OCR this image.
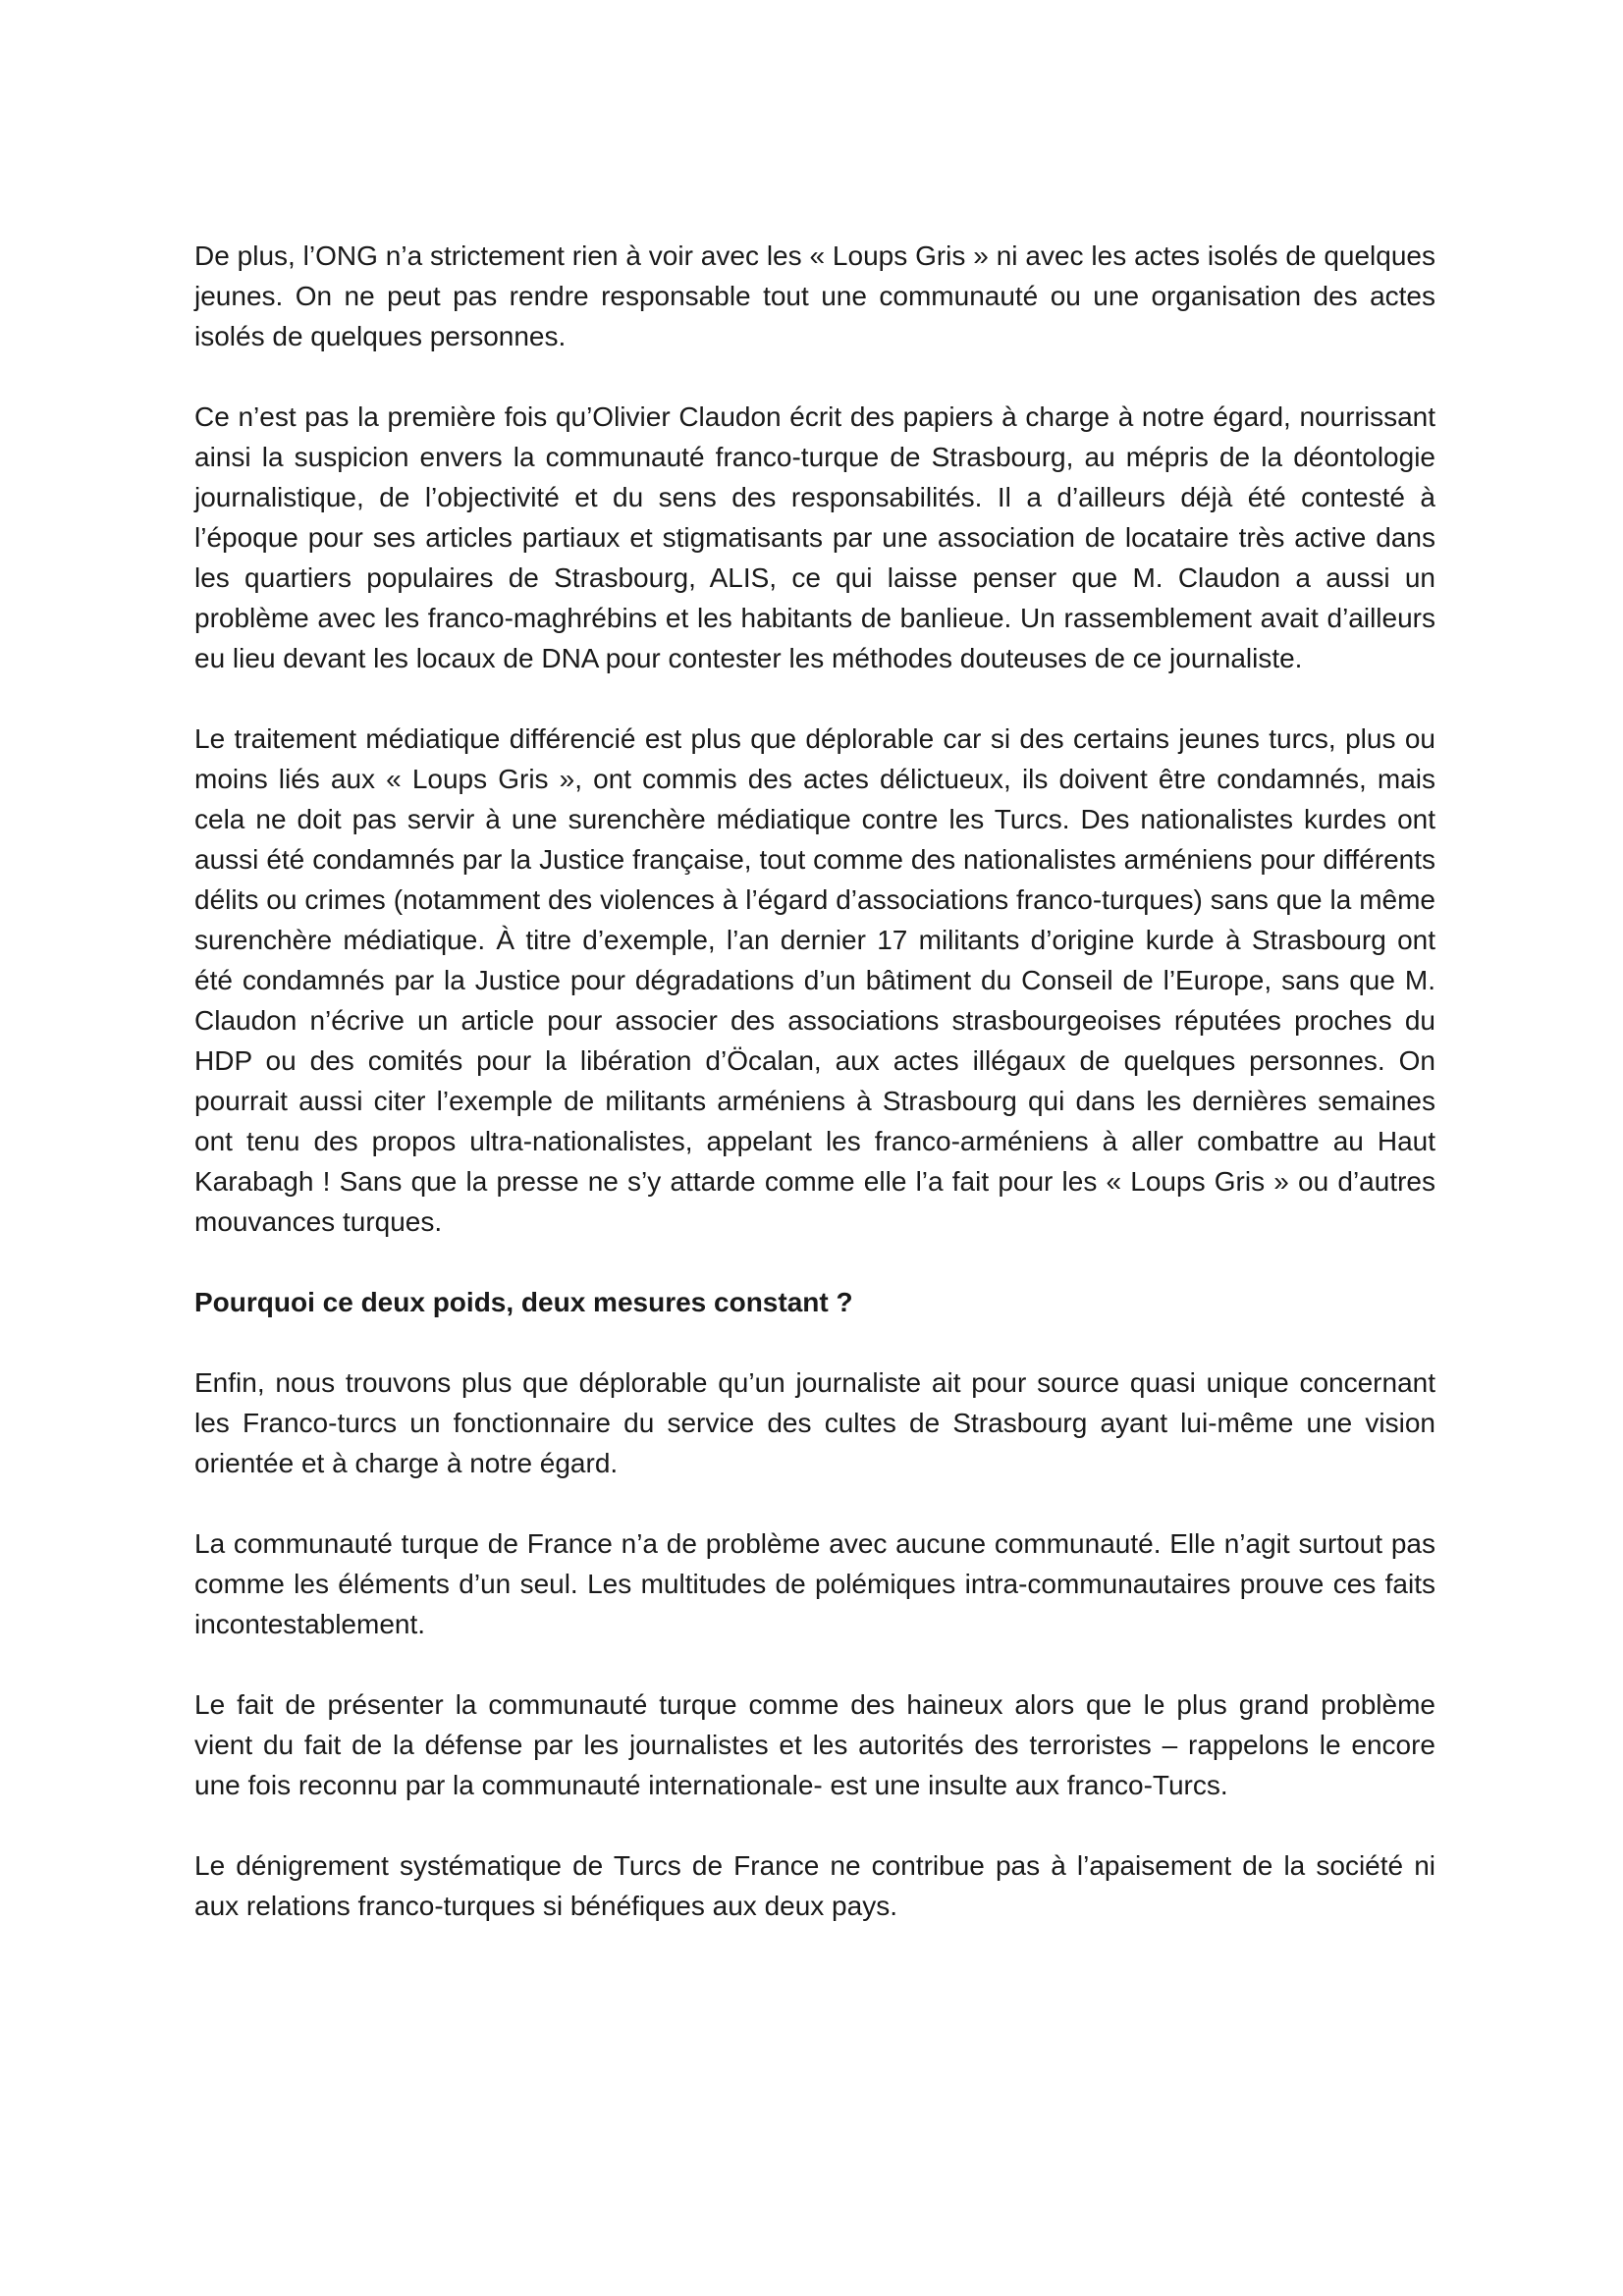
De plus, l’ONG n’a strictement rien à voir avec les « Loups Gris » ni avec les actes isolés de quelques jeunes. On ne peut pas rendre responsable tout une communauté ou une organisation des actes isolés de quelques personnes.

Ce n’est pas la première fois qu’Olivier Claudon écrit des papiers à charge à notre égard, nourrissant ainsi la suspicion envers la communauté franco-turque de Strasbourg, au mépris de la déontologie journalistique, de l’objectivité et du sens des responsabilités. Il a d’ailleurs déjà été contesté à l’époque pour ses articles partiaux et stigmatisants par une association de locataire très active dans les quartiers populaires de Strasbourg, ALIS, ce qui laisse penser que M. Claudon a aussi un problème avec les franco-maghrébins et les habitants de banlieue. Un rassemblement avait d’ailleurs eu lieu devant les locaux de DNA pour contester les méthodes douteuses de ce journaliste.

Le traitement médiatique différencié est plus que déplorable car si des certains jeunes turcs, plus ou moins liés aux « Loups Gris », ont commis des actes délictueux, ils doivent être condamnés, mais cela ne doit pas servir à une surenchère médiatique contre les Turcs. Des nationalistes kurdes ont aussi été condamnés par la Justice française, tout comme des nationalistes arméniens pour différents délits ou crimes (notamment des violences à l’égard d’associations franco-turques) sans que la même surenchère médiatique. À titre d’exemple, l’an dernier 17 militants d’origine kurde à Strasbourg ont été condamnés par la Justice pour dégradations d’un bâtiment du Conseil de l’Europe, sans que M. Claudon n’écrive un article pour associer des associations strasbourgeoises réputées proches du HDP ou des comités pour la libération d’Öcalan, aux actes illégaux de quelques personnes. On pourrait aussi citer l’exemple de militants arméniens à Strasbourg qui dans les dernières semaines ont tenu des propos ultra-nationalistes, appelant les franco-arméniens à aller combattre au Haut Karabagh ! Sans que la presse ne s’y attarde comme elle l’a fait pour les « Loups Gris » ou d’autres mouvances turques.

Pourquoi ce deux poids, deux mesures constant ?

Enfin, nous trouvons plus que déplorable qu’un journaliste ait pour source quasi unique concernant les Franco-turcs un fonctionnaire du service des cultes de Strasbourg ayant lui-même une vision orientée et à charge à notre égard.

La communauté turque de France n’a de problème avec aucune communauté. Elle n’agit surtout pas comme les éléments d’un seul. Les multitudes de polémiques intra-communautaires prouve ces faits incontestablement.

Le fait de présenter la communauté turque comme des haineux alors que le plus grand problème vient du fait de la défense par les journalistes et les autorités des terroristes – rappelons le encore une fois reconnu par la communauté internationale- est une insulte aux franco-Turcs.

Le dénigrement systématique de Turcs de France ne contribue pas à l’apaisement de la société ni aux relations franco-turques si bénéfiques aux deux pays.
